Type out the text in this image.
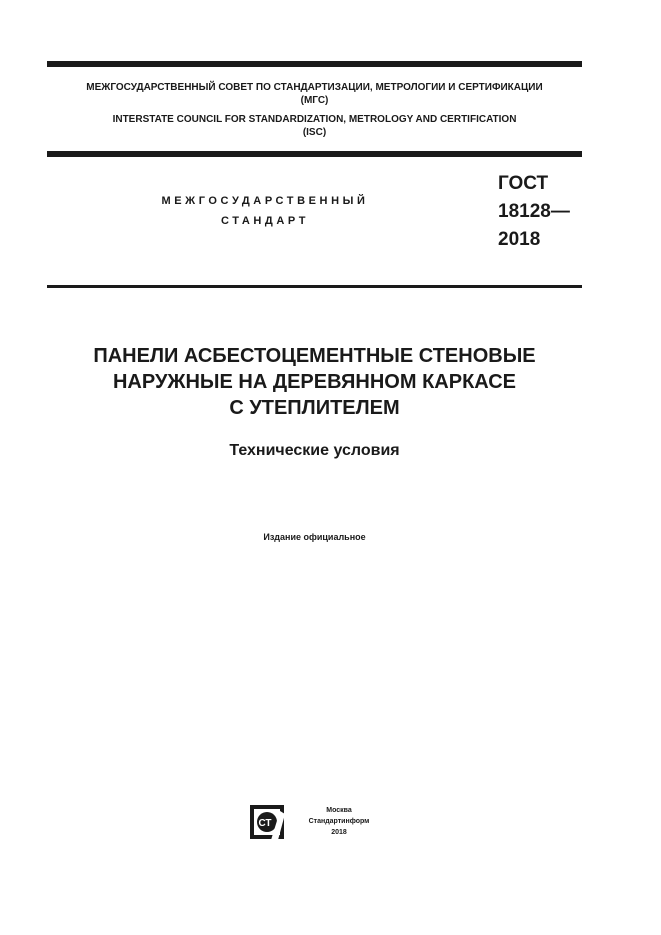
МЕЖГОСУДАРСТВЕННЫЙ СОВЕТ ПО СТАНДАРТИЗАЦИИ, МЕТРОЛОГИИ И СЕРТИФИКАЦИИ
(МГС)
INTERSTATE COUNCIL FOR STANDARDIZATION, METROLOGY AND CERTIFICATION
(ISC)
МЕЖГОСУДАРСТВЕННЫЙ
СТАНДАРТ
ГОСТ
18128—
2018
ПАНЕЛИ АСБЕСТОЦЕМЕНТНЫЕ СТЕНОВЫЕ
НАРУЖНЫЕ НА ДЕРЕВЯННОМ КАРКАСЕ
С УТЕПЛИТЕЛЕМ
Технические условия
Издание официальное
СТ
Москва
Стандартинформ
2018
